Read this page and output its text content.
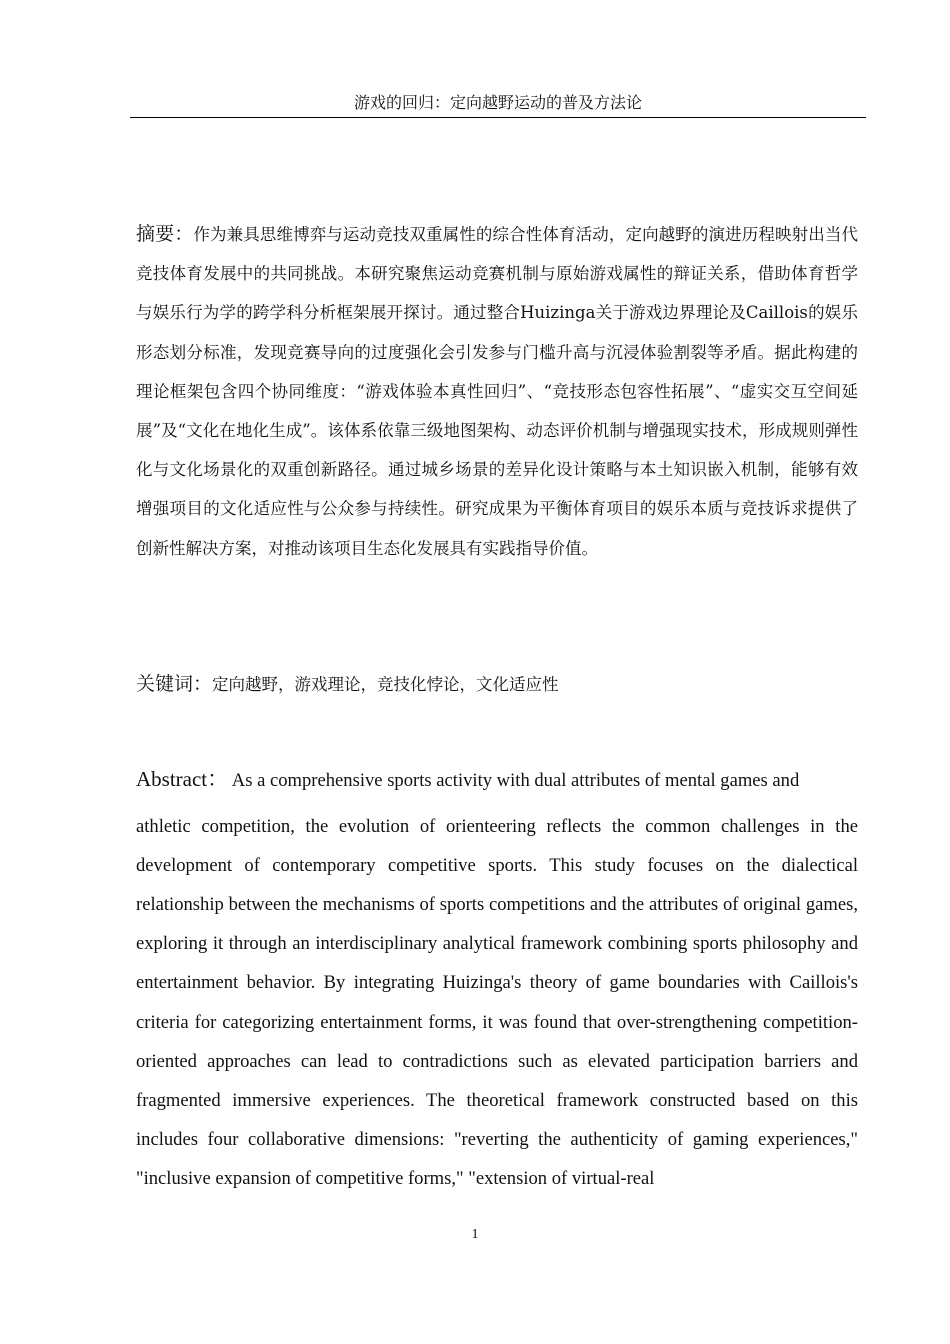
游戏的回归：定向越野运动的普及方法论
摘要：作为兼具思维博弈与运动竞技双重属性的综合性体育活动，定向越野的演进历程映射出当代竞技体育发展中的共同挑战。本研究聚焦运动竞赛机制与原始游戏属性的辩证关系，借助体育哲学与娱乐行为学的跨学科分析框架展开探讨。通过整合Huizinga关于游戏边界理论及Caillois的娱乐形态划分标准，发现竞赛导向的过度强化会引发参与门槛升高与沉浸体验割裂等矛盾。据此构建的理论框架包含四个协同维度：“游戏体验本真性回归”、“竞技形态包容性拓展”、“虚实交互空间延展”及“文化在地化生成”。该体系依靠三级地图架构、动态评价机制与增强现实技术，形成规则弹性化与文化场景化的双重创新路径。通过城乡场景的差异化设计策略与本土知识嵌入机制，能够有效增强项目的文化适应性与公众参与持续性。研究成果为平衡体育项目的娱乐本质与竞技诉求提供了创新性解决方案，对推动该项目生态化发展具有实践指导价值。
关键词：定向越野，游戏理论，竞技化悖论，文化适应性
Abstract： As a comprehensive sports activity with dual attributes of mental games and
athletic competition, the evolution of orienteering reflects the common challenges in the development of contemporary competitive sports. This study focuses on the dialectical relationship between the mechanisms of sports competitions and the attributes of original games, exploring it through an interdisciplinary analytical framework combining sports philosophy and entertainment behavior. By integrating Huizinga's theory of game boundaries with Caillois's criteria for categorizing entertainment forms, it was found that over-strengthening competition-oriented approaches can lead to contradictions such as elevated participation barriers and fragmented immersive experiences. The theoretical framework constructed based on this includes four collaborative dimensions: "reverting the authenticity of gaming experiences," "inclusive expansion of competitive forms," "extension of virtual-real
1
